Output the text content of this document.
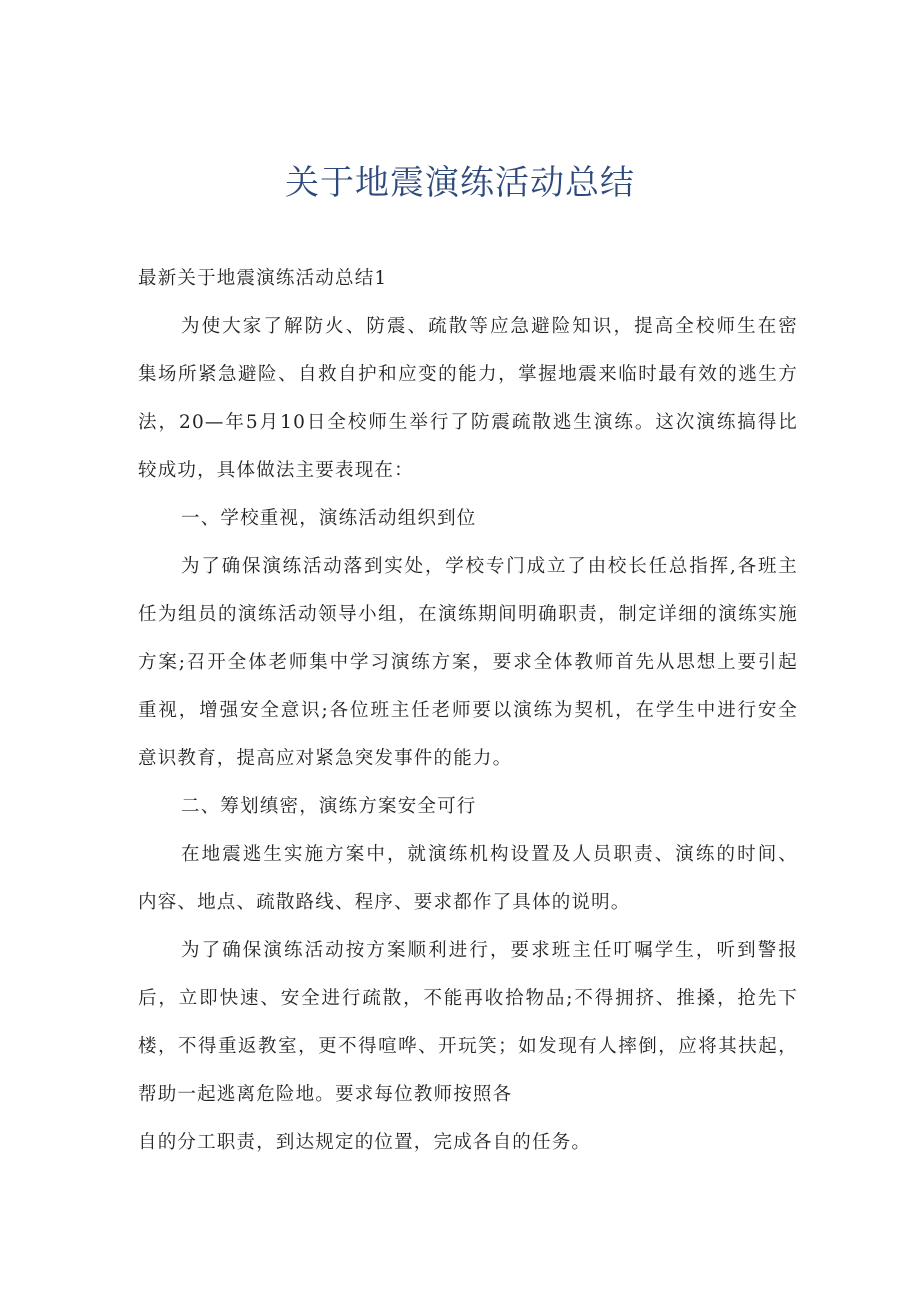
关于地震演练活动总结
最新关于地震演练活动总结1
为使大家了解防火、防震、疏散等应急避险知识，提高全校师生在密
集场所紧急避险、自救自护和应变的能力，掌握地震来临时最有效的逃生方
法，20—年5月10日全校师生举行了防震疏散逃生演练。这次演练搞得比
较成功，具体做法主要表现在：
一、学校重视，演练活动组织到位
为了确保演练活动落到实处，学校专门成立了由校长任总指挥,各班主
任为组员的演练活动领导小组，在演练期间明确职责，制定详细的演练实施
方案;召开全体老师集中学习演练方案，要求全体教师首先从思想上要引起
重视，增强安全意识;各位班主任老师要以演练为契机，在学生中进行安全
意识教育，提高应对紧急突发事件的能力。
二、筹划缜密，演练方案安全可行
在地震逃生实施方案中，就演练机构设置及人员职责、演练的时间、
内容、地点、疏散路线、程序、要求都作了具体的说明。
为了确保演练活动按方案顺利进行，要求班主任叮嘱学生，听到警报
后，立即快速、安全进行疏散，不能再收拾物品;不得拥挤、推搡，抢先下
楼，不得重返教室，更不得喧哗、开玩笑；如发现有人摔倒，应将其扶起，
帮助一起逃离危险地。要求每位教师按照各
自的分工职责，到达规定的位置，完成各自的任务。
